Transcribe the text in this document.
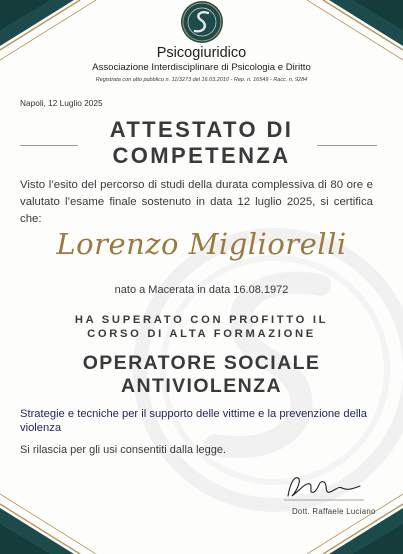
Psicogiuridico
Associazione Interdisciplinare di Psicologia e Diritto
Registrata con atto pubblico n. 11/3273 del 16.03.2010 - Rep. n. 16549 - Racc. n. 9284
Napoli, 12 Luglio 2025
ATTESTATO DI
COMPETENZA
Visto l’esito del percorso di studi della durata complessiva di 80 ore e valutato l’esame finale sostenuto in data 12 luglio 2025, si certifica che:
Lorenzo Migliorelli
nato a Macerata in data 16.08.1972
HA SUPERATO CON PROFITTO IL
CORSO DI ALTA FORMAZIONE
OPERATORE SOCIALE
ANTIVIOLENZA
Strategie e tecniche per il supporto delle vittime e la prevenzione della violenza
Si rilascia per gli usi consentiti dalla legge.
Dott. Raffaele Luciano
